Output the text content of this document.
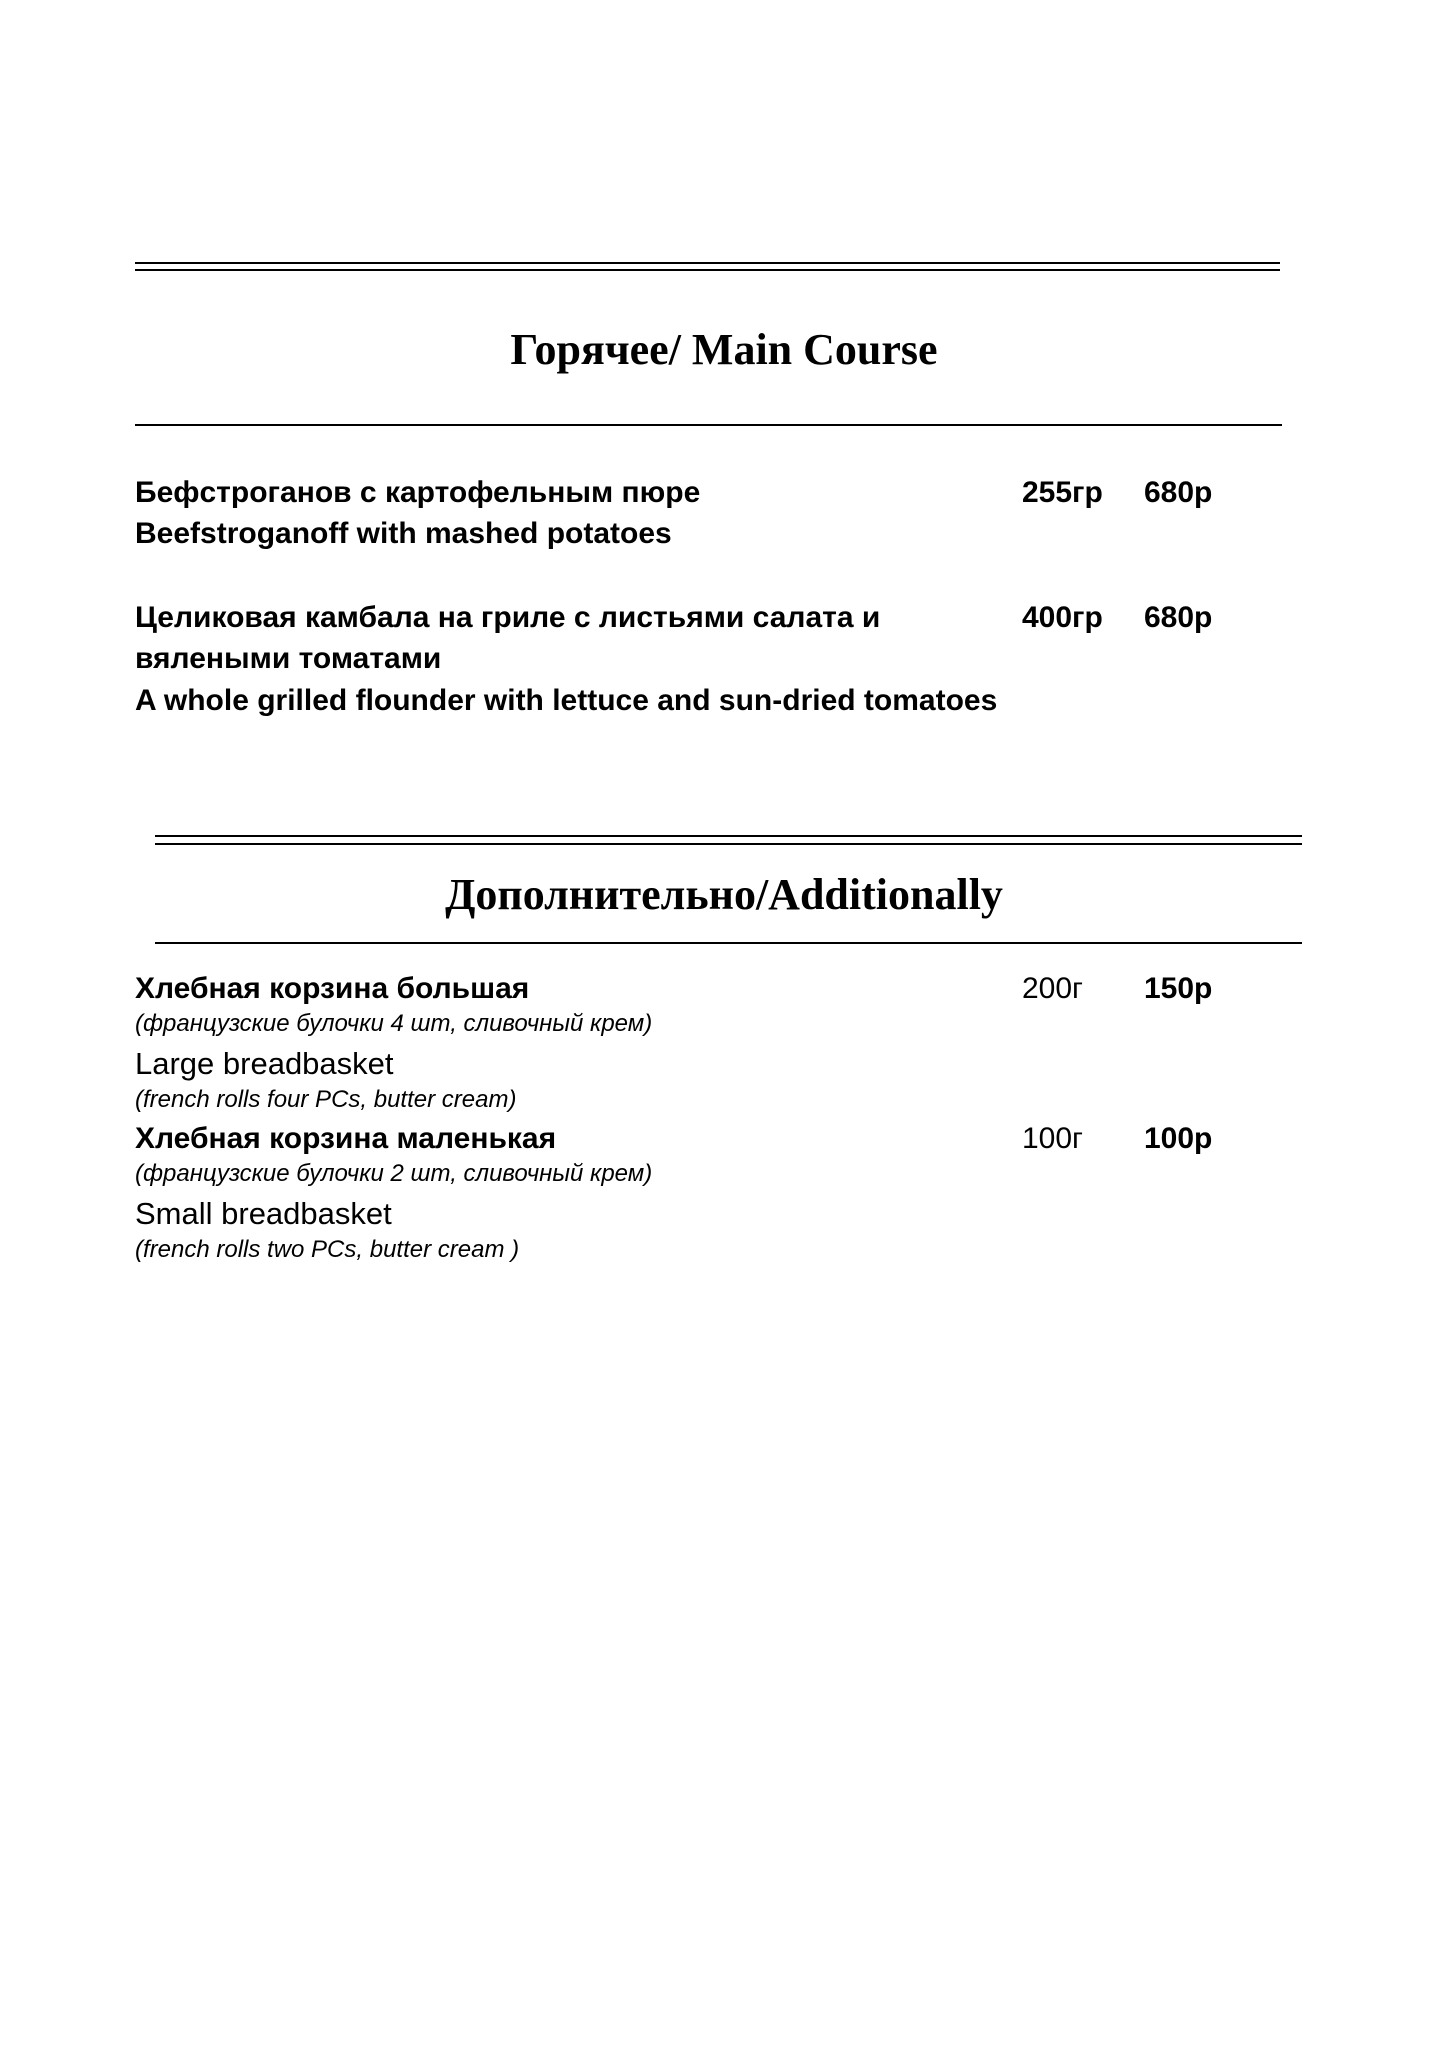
Горячее/ Main Course
Бефстроганов с картофельным пюре
Beefstroganoff with mashed potatoes
255гр 680р
Целиковая камбала на гриле с листьями салата и
вялеными томатами
A whole grilled flounder with lettuce and sun-dried tomatoes
400гр 680р
Дополнительно/Additionally
Хлебная корзина большая
(французские булочки 4 шт, сливочный крем)
Large breadbasket
(french rolls four PCs, butter cream)
200г 150р
Хлебная корзина маленькая
(французские булочки 2 шт, сливочный крем)
Small breadbasket
(french rolls two PCs, butter cream )
100г 100р
